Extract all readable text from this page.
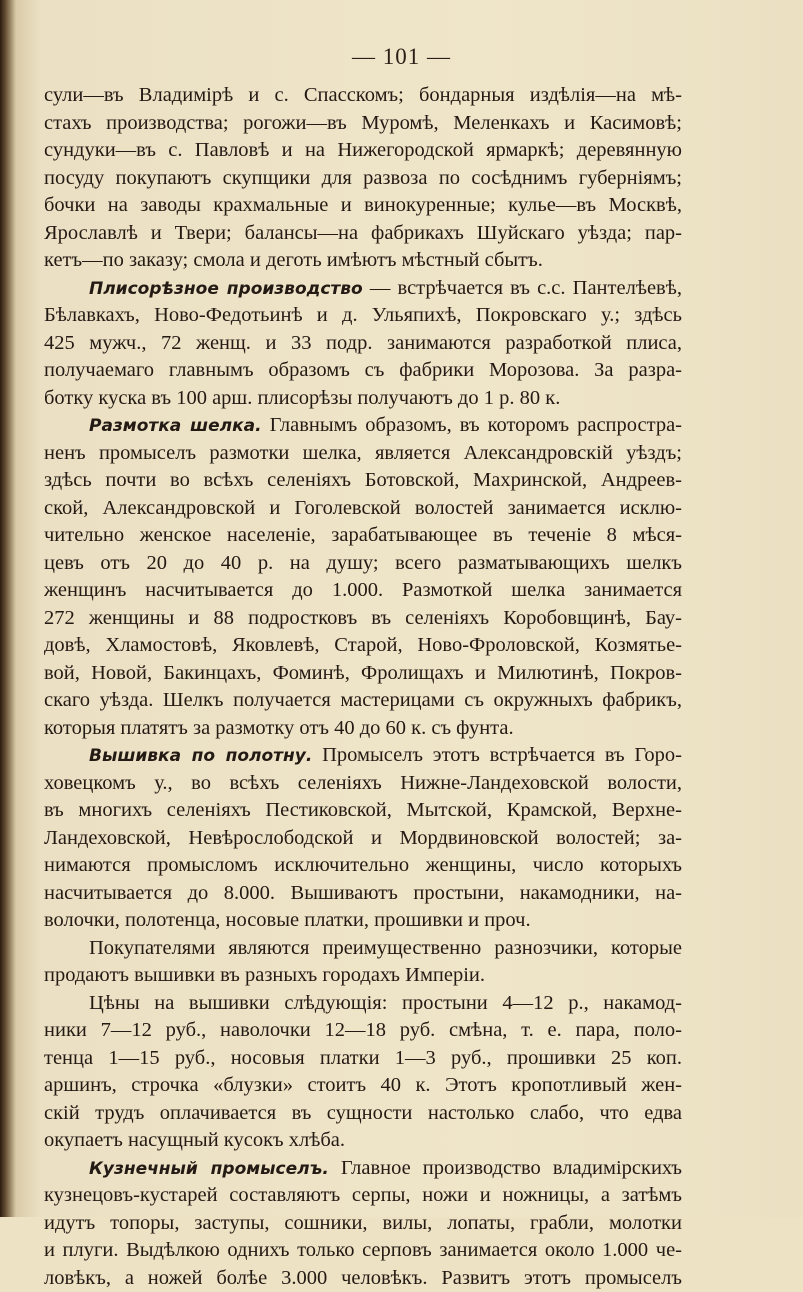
— 101 —
сули—въ Владимірѣ и с. Спасскомъ; бондарныя издѣлія—на мѣ-
стахъ производства; рогожи—въ Муромѣ, Меленкахъ и Касимовѣ;
сундуки—въ с. Павловѣ и на Нижегородской ярмаркѣ; деревянную
посуду покупаютъ скупщики для развоза по сосѣднимъ губерніямъ;
бочки на заводы крахмальные и винокуренные; кулье—въ Москвѣ,
Ярославлѣ и Твери; балансы—на фабрикахъ Шуйскаго уѣзда; пар-
кетъ—по заказу; смола и деготь имѣютъ мѣстный сбытъ.
Плисорѣзное производство — встрѣчается въ с.с. Пантелѣевѣ,
Бѣлавкахъ, Ново-Федотьинѣ и д. Ульяпихѣ, Покровскаго у.; здѣсь
425 мужч., 72 женщ. и 33 подр. занимаются разработкой плиса,
получаемаго главнымъ образомъ съ фабрики Морозова. За разра-
ботку куска въ 100 арш. плисорѣзы получаютъ до 1 р. 80 к.
Размотка шелка. Главнымъ образомъ, въ которомъ распростра-
ненъ промыселъ размотки шелка, является Александровскій уѣздъ;
здѣсь почти во всѣхъ селеніяхъ Ботовской, Махринской, Андреев-
ской, Александровской и Гоголевской волостей занимается исклю-
чительно женское населеніе, зарабатывающее въ теченіе 8 мѣся-
цевъ отъ 20 до 40 р. на душу; всего разматывающихъ шелкъ
женщинъ насчитывается до 1.000. Размоткой шелка занимается
272 женщины и 88 подростковъ въ селеніяхъ Коробовщинѣ, Бау-
довѣ, Хламостовѣ, Яковлевѣ, Старой, Ново-Фроловской, Козмятье-
вой, Новой, Бакинцахъ, Фоминѣ, Фролищахъ и Милютинѣ, Покров-
скаго уѣзда. Шелкъ получается мастерицами съ окружныхъ фабрикъ,
которыя платятъ за размотку отъ 40 до 60 к. съ фунта.
Вышивка по полотну. Промыселъ этотъ встрѣчается въ Горо-
ховецкомъ у., во всѣхъ селеніяхъ Нижне-Ландеховской волости,
въ многихъ селеніяхъ Пестиковской, Мытской, Крамской, Верхне-
Ландеховской, Невѣрослободской и Мордвиновской волостей; за-
нимаются промысломъ исключительно женщины, число которыхъ
насчитывается до 8.000. Вышиваютъ простыни, накамодники, на-
волочки, полотенца, носовые платки, прошивки и проч.
Покупателями являются преимущественно разнозчики, которые
продаютъ вышивки въ разныхъ городахъ Имперіи.
Цѣны на вышивки слѣдующія: простыни 4—12 р., накамод-
ники 7—12 руб., наволочки 12—18 руб. смѣна, т. е. пара, поло-
тенца 1—15 руб., носовыя платки 1—3 руб., прошивки 25 коп.
аршинъ, строчка «блузки» стоитъ 40 к. Этотъ кропотливый жен-
скій трудъ оплачивается въ сущности настолько слабо, что едва
окупаетъ насущный кусокъ хлѣба.
Кузнечный промыселъ. Главное производство владимірскихъ
кузнецовъ-кустарей составляютъ серпы, ножи и ножницы, а затѣмъ
идутъ топоры, заступы, сошники, вилы, лопаты, грабли, молотки
и плуги. Выдѣлкою однихъ только серповъ занимается около 1.000 че-
ловѣкъ, а ножей болѣе 3.000 человѣкъ. Развитъ этотъ промыселъ
